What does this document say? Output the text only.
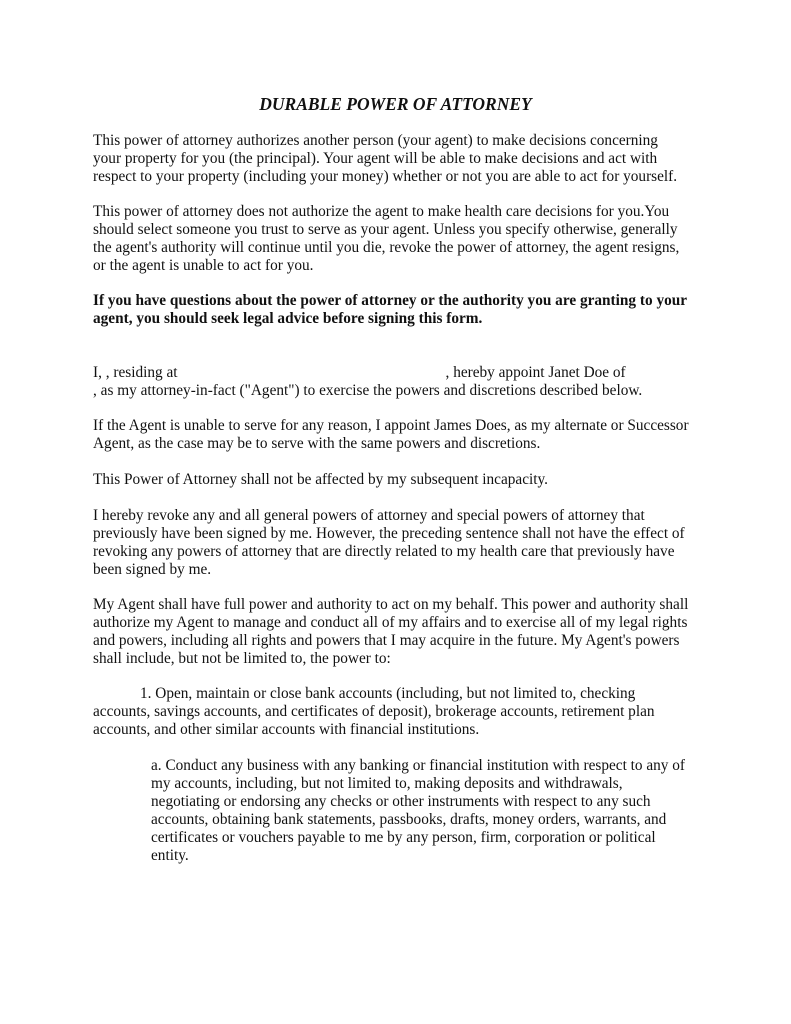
DURABLE POWER OF ATTORNEY

This power of attorney authorizes another person (your agent) to make decisions concerning
your property for you (the principal). Your agent will be able to make decisions and act with
respect to your property (including your money) whether or not you are able to act for yourself.

This power of attorney does not authorize the agent to make health care decisions for you.You
should select someone you trust to serve as your agent. Unless you specify otherwise, generally
the agent's authority will continue until you die, revoke the power of attorney, the agent resigns,
or the agent is unable to act for you.

If you have questions about the power of attorney or the authority you are granting to your
agent, you should seek legal advice before signing this form.

I, , residing at	, hereby appoint Janet Doe of
, as my attorney-in-fact ("Agent") to exercise the powers and discretions described below.

If the Agent is unable to serve for any reason, I appoint James Does, as my alternate or Successor
Agent, as the case may be to serve with the same powers and discretions.

This Power of Attorney shall not be affected by my subsequent incapacity.

I hereby revoke any and all general powers of attorney and special powers of attorney that
previously have been signed by me. However, the preceding sentence shall not have the effect of
revoking any powers of attorney that are directly related to my health care that previously have
been signed by me.

My Agent shall have full power and authority to act on my behalf. This power and authority shall
authorize my Agent to manage and conduct all of my affairs and to exercise all of my legal rights
and powers, including all rights and powers that I may acquire in the future. My Agent's powers
shall include, but not be limited to, the power to:

1. Open, maintain or close bank accounts (including, but not limited to, checking
accounts, savings accounts, and certificates of deposit), brokerage accounts, retirement plan
accounts, and other similar accounts with financial institutions.

a. Conduct any business with any banking or financial institution with respect to any of
my accounts, including, but not limited to, making deposits and withdrawals,
negotiating or endorsing any checks or other instruments with respect to any such
accounts, obtaining bank statements, passbooks, drafts, money orders, warrants, and
certificates or vouchers payable to me by any person, firm, corporation or political
entity.
